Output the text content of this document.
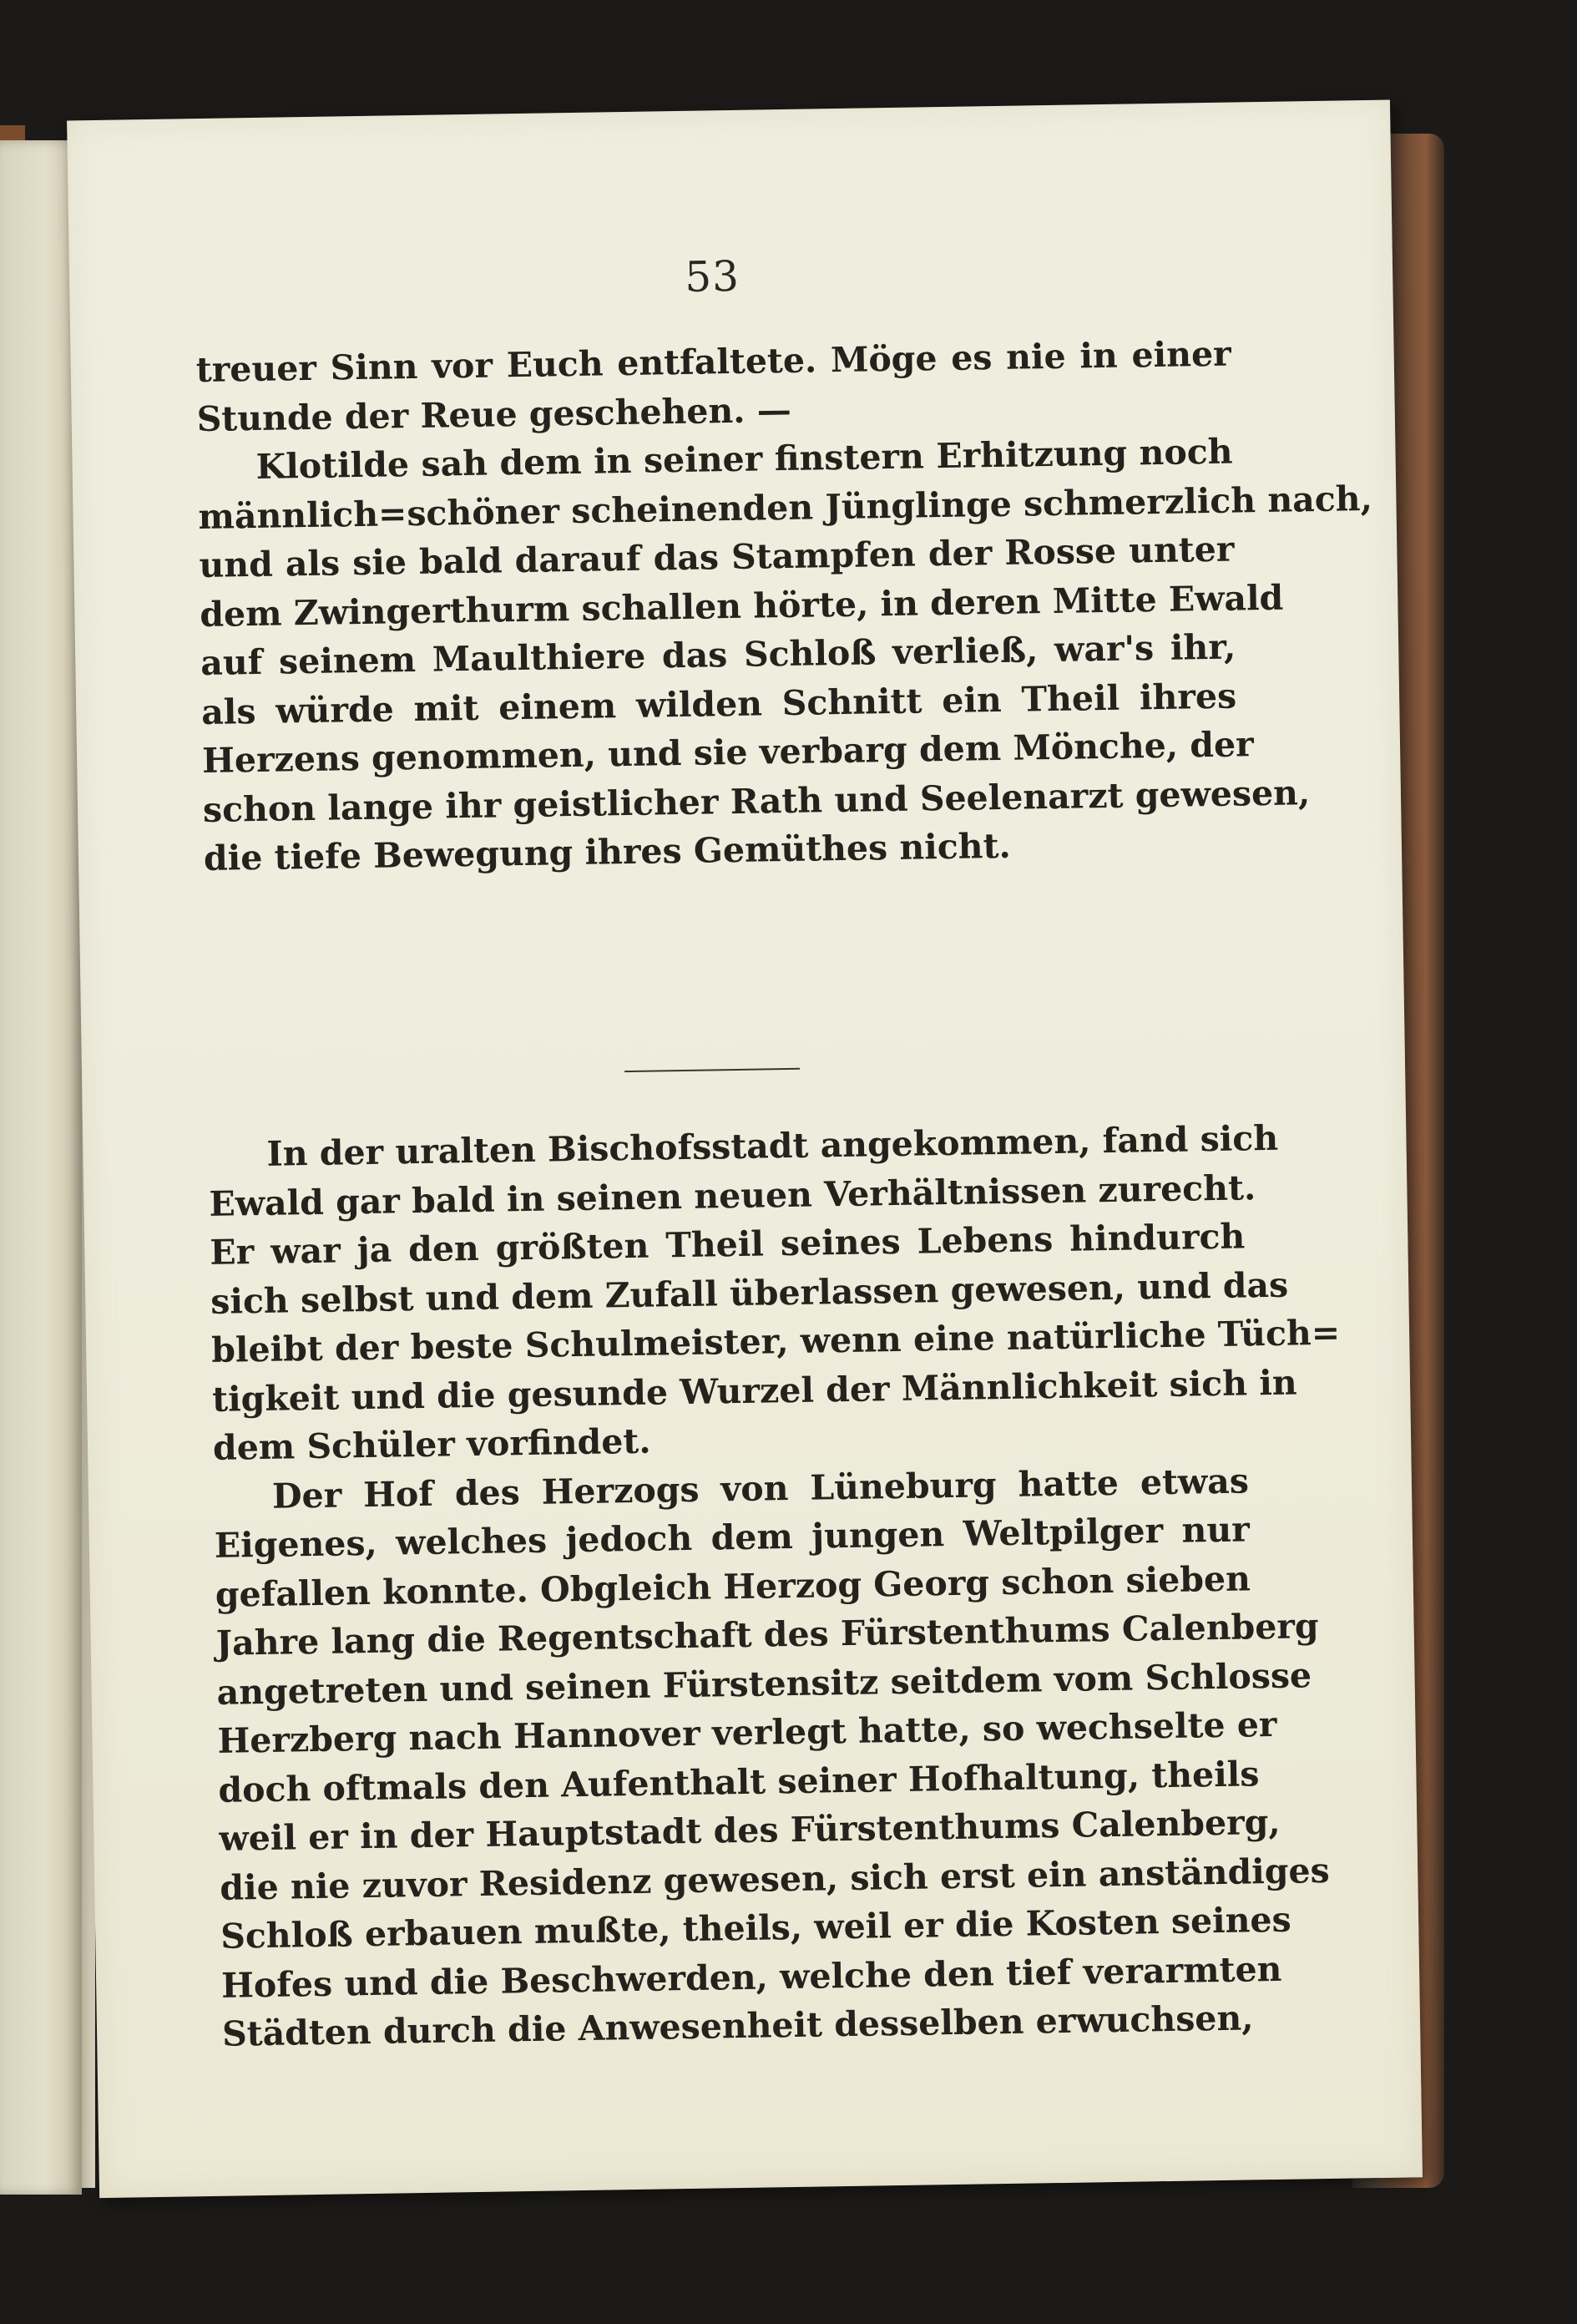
53
treuer Sinn vor Euch entfaltete. Möge es nie in einer
Stunde der Reue geschehen. —
Klotilde sah dem in seiner finstern Erhitzung noch
männlich=schöner scheinenden Jünglinge schmerzlich nach,
und als sie bald darauf das Stampfen der Rosse unter
dem Zwingerthurm schallen hörte, in deren Mitte Ewald
auf seinem Maulthiere das Schloß verließ, war's ihr,
als würde mit einem wilden Schnitt ein Theil ihres
Herzens genommen, und sie verbarg dem Mönche, der
schon lange ihr geistlicher Rath und Seelenarzt gewesen,
die tiefe Bewegung ihres Gemüthes nicht.
In der uralten Bischofsstadt angekommen, fand sich
Ewald gar bald in seinen neuen Verhältnissen zurecht.
Er war ja den größten Theil seines Lebens hindurch
sich selbst und dem Zufall überlassen gewesen, und das
bleibt der beste Schulmeister, wenn eine natürliche Tüch=
tigkeit und die gesunde Wurzel der Männlichkeit sich in
dem Schüler vorfindet.
Der Hof des Herzogs von Lüneburg hatte etwas
Eigenes, welches jedoch dem jungen Weltpilger nur
gefallen konnte. Obgleich Herzog Georg schon sieben
Jahre lang die Regentschaft des Fürstenthums Calenberg
angetreten und seinen Fürstensitz seitdem vom Schlosse
Herzberg nach Hannover verlegt hatte, so wechselte er
doch oftmals den Aufenthalt seiner Hofhaltung, theils
weil er in der Hauptstadt des Fürstenthums Calenberg,
die nie zuvor Residenz gewesen, sich erst ein anständiges
Schloß erbauen mußte, theils, weil er die Kosten seines
Hofes und die Beschwerden, welche den tief verarmten
Städten durch die Anwesenheit desselben erwuchsen,
